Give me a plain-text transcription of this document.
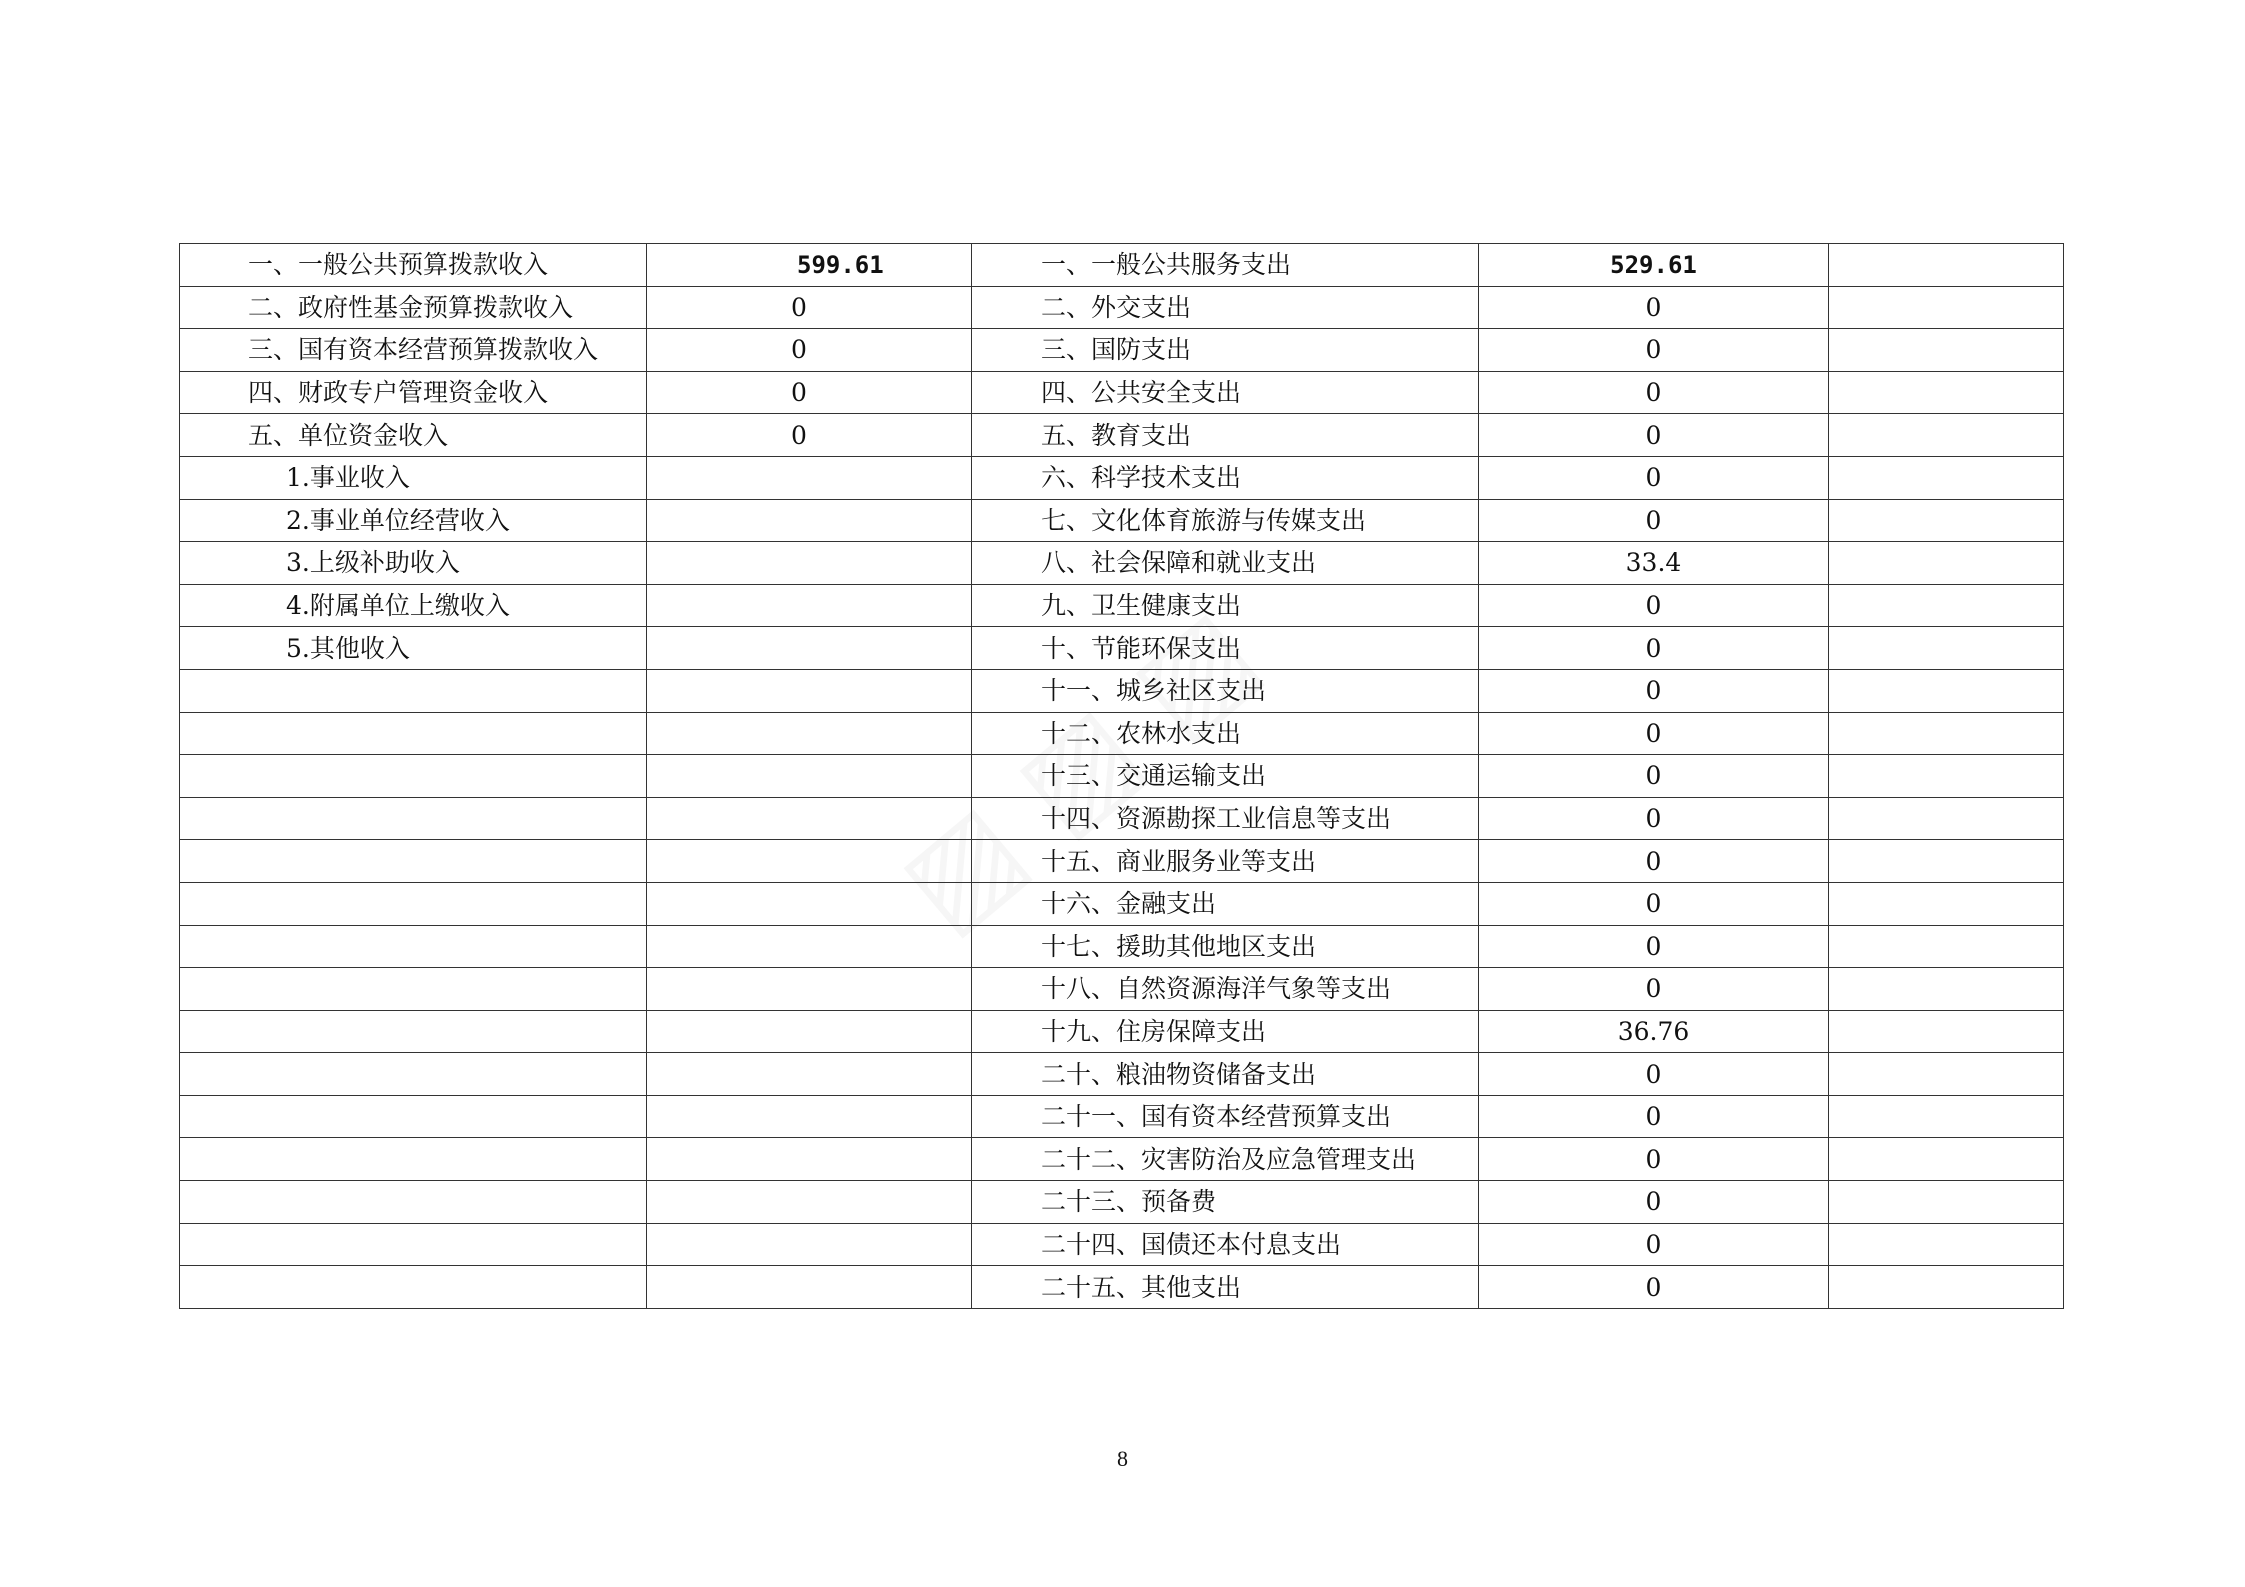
一、一般公共预算拨款收入	599.61	一、一般公共服务支出	529.61	
二、政府性基金预算拨款收入	0	二、外交支出	0	
三、国有资本经营预算拨款收入	0	三、国防支出	0	
四、财政专户管理资金收入	0	四、公共安全支出	0	
五、单位资金收入	0	五、教育支出	0	
1.事业收入		六、科学技术支出	0	
2.事业单位经营收入		七、文化体育旅游与传媒支出	0	
3.上级补助收入		八、社会保障和就业支出	33.4	
4.附属单位上缴收入		九、卫生健康支出	0	
5.其他收入		十、节能环保支出	0	
		十一、城乡社区支出	0	
		十二、农林水支出	0	
		十三、交通运输支出	0	
		十四、资源勘探工业信息等支出	0	
		十五、商业服务业等支出	0	
		十六、金融支出	0	
		十七、援助其他地区支出	0	
		十八、自然资源海洋气象等支出	0	
		十九、住房保障支出	36.76	
		二十、粮油物资储备支出	0	
		二十一、国有资本经营预算支出	0	
		二十二、灾害防治及应急管理支出	0	
		二十三、预备费	0	
		二十四、国债还本付息支出	0	
		二十五、其他支出	0	
8
